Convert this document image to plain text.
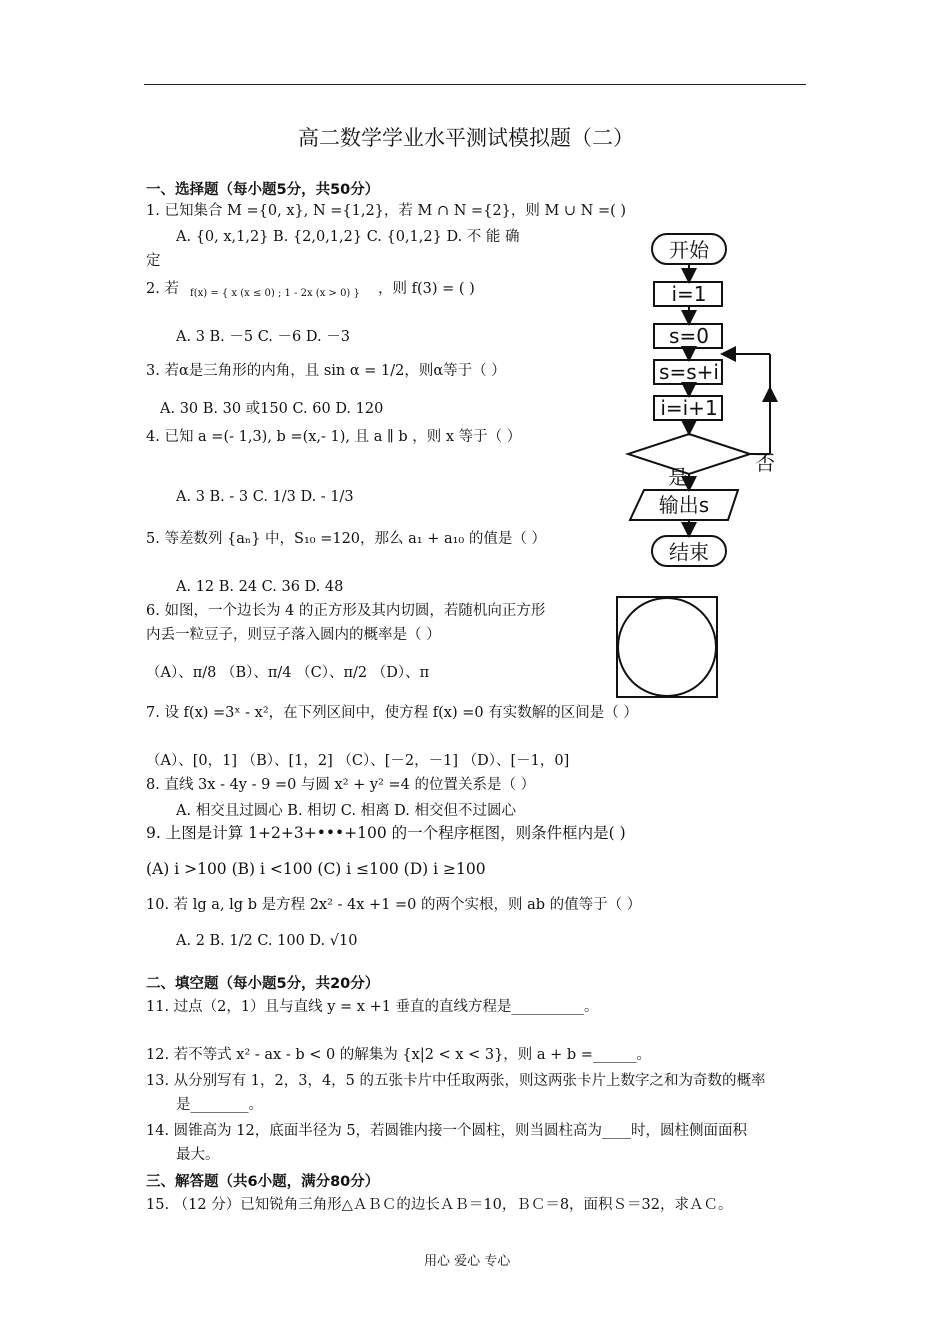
高二数学学业水平测试模拟题（二）
一、选择题（每小题5分，共50分）
1. 已知集合 M ={0, x}, N ={1,2}，若 M ∩ N ={2}，则 M ∪ N =( )
A. {0, x,1,2} B. {2,0,1,2} C. {0,1,2} D. 不 能 确
定
2. 若 f(x) = { x (x ≤ 0) ; 1 - 2x (x > 0) } ，则 f(3) = ( )
A. 3 B. －5 C. －6 D. －3
3. 若α是三角形的内角，且 sin α = 1/2，则α等于（ ）
A. 30 B. 30 或150 C. 60 D. 120
4. 已知 a =(- 1,3), b =(x,- 1), 且 a ∥ b ，则 x 等于（ ）
A. 3 B. - 3 C. 1/3 D. - 1/3
5. 等差数列 {aₙ} 中，S₁₀ =120，那么 a₁ + a₁₀ 的值是（ ）
A. 12 B. 24 C. 36 D. 48
6. 如图，一个边长为 4 的正方形及其内切圆，若随机向正方形
内丢一粒豆子，则豆子落入圆内的概率是（ ）
（A）、π/8 （B）、π/4 （C）、π/2 （D）、π
7. 设 f(x) =3ˣ - x²，在下列区间中，使方程 f(x) =0 有实数解的区间是（ ）
（A）、[0，1] （B）、[1，2] （C）、[－2，－1] （D）、[－1，0]
8. 直线 3x - 4y - 9 =0 与圆 x² + y² =4 的位置关系是（ ）
A. 相交且过圆心 B. 相切 C. 相离 D. 相交但不过圆心
9. 上图是计算 1+2+3+•••+100 的一个程序框图，则条件框内是( )
(A) i >100 (B) i <100 (C) i ≤100 (D) i ≥100
10. 若 lg a, lg b 是方程 2x² - 4x +1 =0 的两个实根，则 ab 的值等于（ ）
A. 2 B. 1/2 C. 100 D. √10
二、填空题（每小题5分，共20分）
11. 过点（2，1）且与直线 y = x +1 垂直的直线方程是__________。
12. 若不等式 x² - ax - b < 0 的解集为 {x|2 < x < 3}，则 a + b =______。
13. 从分别写有 1，2，3，4，5 的五张卡片中任取两张，则这两张卡片上数字之和为奇数的概率
是________。
14. 圆锥高为 12，底面半径为 5，若圆锥内接一个圆柱，则当圆柱高为____时，圆柱侧面面积
最大。
三、解答题（共6小题，满分80分）
15. （12 分）已知锐角三角形△ＡＢＣ的边长ＡＢ＝10，ＢＣ＝8，面积Ｓ＝32，求ＡＣ。
用心 爱心 专心
开始
i=1
s=0
s=s+i
i=i+1
是
否
输出s
结束
